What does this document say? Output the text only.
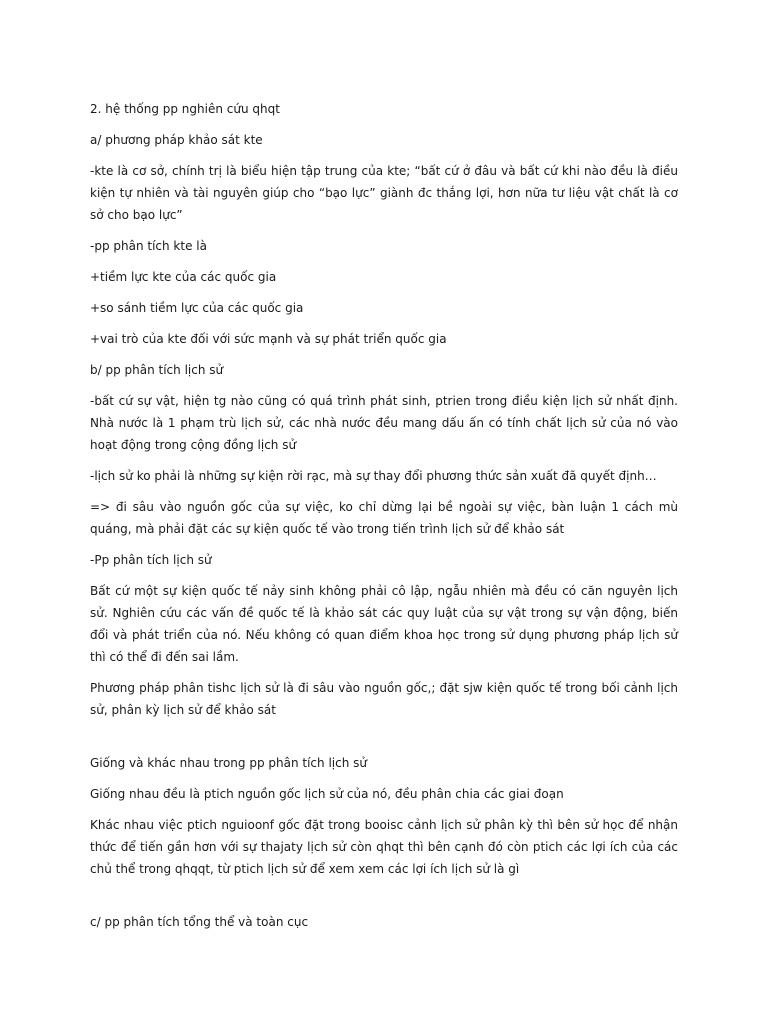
2. hệ thống pp nghiên cứu qhqt

a/ phương pháp khảo sát kte

-kte là cơ sở, chính trị là biểu hiện tập trung của kte; “bất cứ ở đâu và bất cứ khi nào đều là điều kiện tự nhiên và tài nguyên giúp cho “bạo lực” giành đc thắng lợi, hơn nữa tư liệu vật chất là cơ sở cho bạo lực”

-pp phân tích kte là

+tiềm lực kte của các quốc gia

+so sánh tiềm lực của các quốc gia

+vai trò của kte đối với sức mạnh và sự phát triển quốc gia

b/ pp phân tích lịch sử

-bất cứ sự vật, hiện tg nào cũng có quá trình phát sinh, ptrien trong điều kiện lịch sử nhất định. Nhà nước là 1 phạm trù lịch sử, các nhà nước đều mang dấu ấn có tính chất lịch sử của nó vào hoạt động trong cộng đồng lịch sử

-lịch sử ko phải là những sự kiện rời rạc, mà sự thay đổi phương thức sản xuất đã quyết định…

=> đi sâu vào nguồn gốc của sự việc, ko chỉ dừng lại bề ngoài sự việc, bàn luận 1 cách mù quáng, mà phải đặt các sự kiện quốc tế vào trong tiến trình lịch sử để khảo sát

-Pp phân tích lịch sử

Bất cứ một sự kiện quốc tế nảy sinh không phải cô lập, ngẫu nhiên mà đều có căn nguyên lịch sử. Nghiên cứu các vấn đề quốc tế là khảo sát các quy luật của sự vật trong sự vận động, biến đổi và phát triển của nó. Nếu không có quan điểm khoa học trong sử dụng phương pháp lịch sử thì có thể đi đến sai lầm.

Phương pháp phân tishc lịch sử là đi sâu vào nguồn gốc,; đặt sjw kiện quốc tế trong bối cảnh lịch sử, phân kỳ lịch sử để khảo sát

Giống và khác nhau trong pp phân tích lịch sử

Giống nhau đều là ptich nguồn gốc lịch sử của nó, đều phân chia các giai đoạn

Khác nhau việc ptich nguioonf gốc đặt trong booisc cảnh lịch sử phân kỳ thì bên sử học để nhận thức để tiến gần hơn với sự thajaty lịch sử còn qhqt thì bên cạnh đó còn ptich các lợi ích của các chủ thể trong qhqqt, từ ptich lịch sử để xem xem các lợi ích lịch sử là gì

c/ pp phân tích tổng thể và toàn cục
